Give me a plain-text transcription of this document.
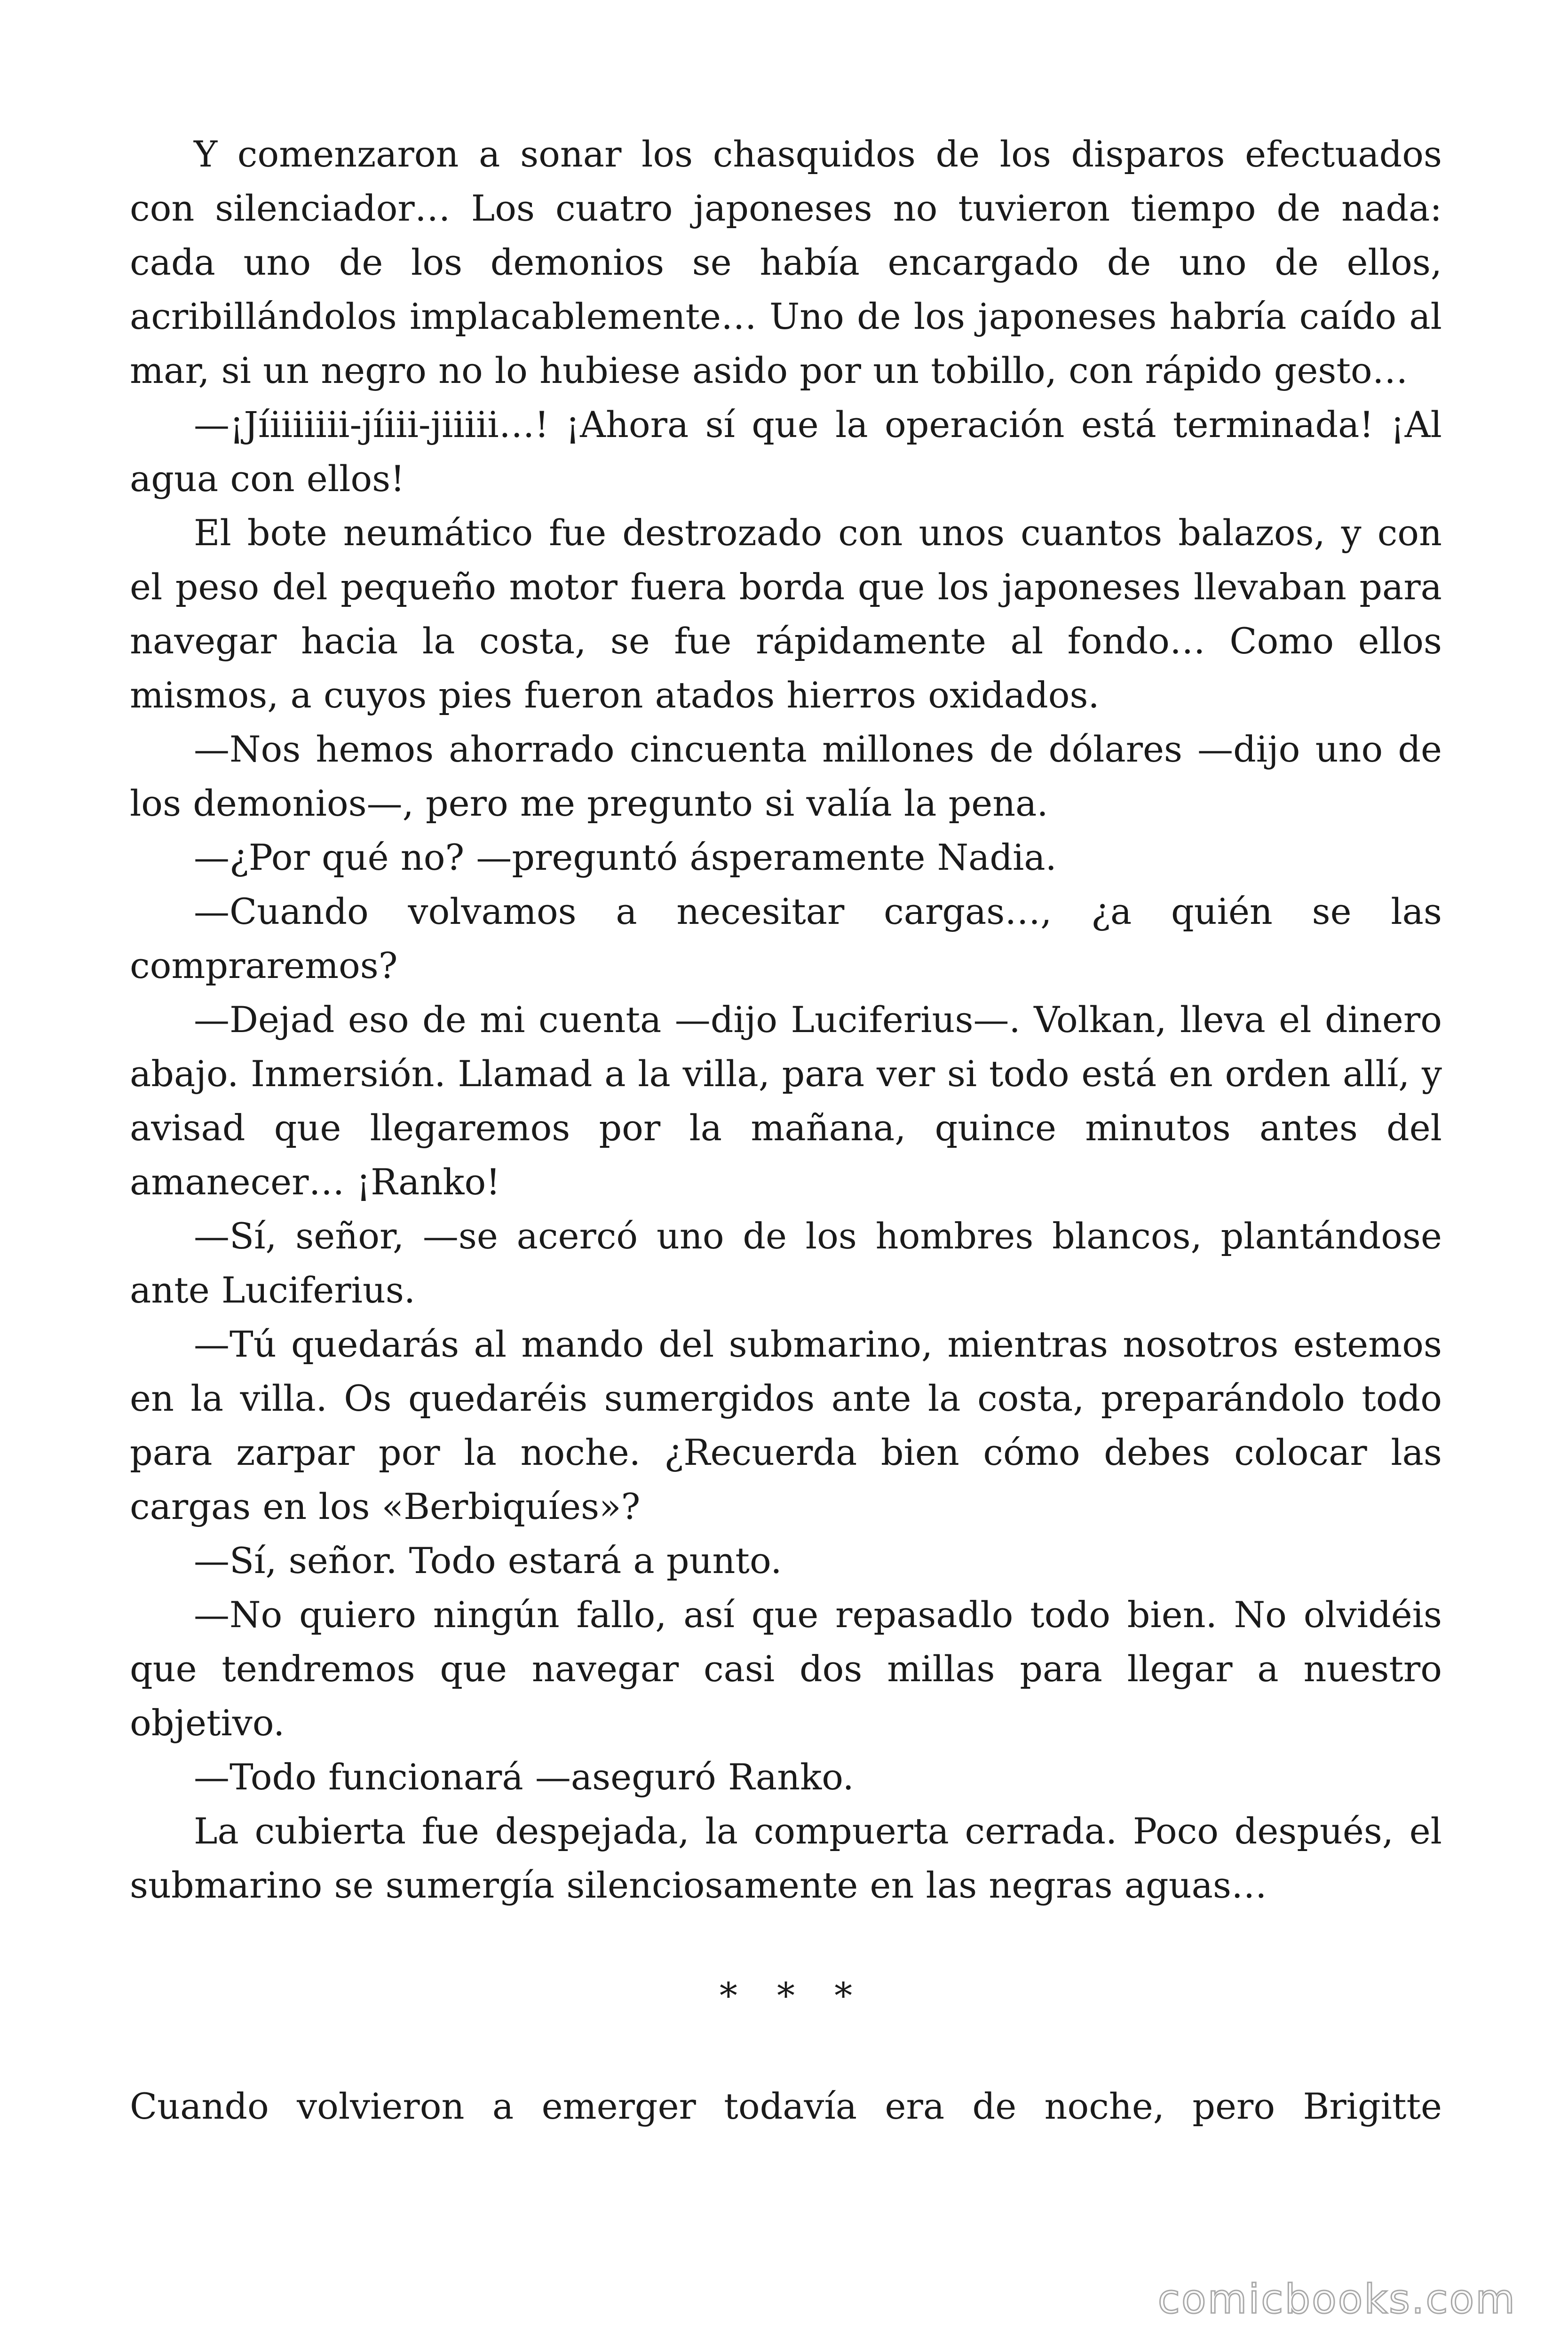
Y comenzaron a sonar los chasquidos de los disparos efectuados con silenciador… Los cuatro japoneses no tuvieron tiempo de nada: cada uno de los demonios se había encargado de uno de ellos, acribillándolos implacablemente… Uno de los japoneses habría caído al mar, si un negro no lo hubiese asido por un tobillo, con rápido gesto…

—¡Jíiiiiiii-jíiii-jiiiii…! ¡Ahora sí que la operación está terminada! ¡Al agua con ellos!

El bote neumático fue destrozado con unos cuantos balazos, y con el peso del pequeño motor fuera borda que los japoneses llevaban para navegar hacia la costa, se fue rápidamente al fondo… Como ellos mismos, a cuyos pies fueron atados hierros oxidados.

—Nos hemos ahorrado cincuenta millones de dólares —dijo uno de los demonios—, pero me pregunto si valía la pena.

—¿Por qué no? —preguntó ásperamente Nadia.

—Cuando volvamos a necesitar cargas…, ¿a quién se las compraremos?

—Dejad eso de mi cuenta —dijo Luciferius—. Volkan, lleva el dinero abajo. Inmersión. Llamad a la villa, para ver si todo está en orden allí, y avisad que llegaremos por la mañana, quince minutos antes del amanecer… ¡Ranko!

—Sí, señor, —se acercó uno de los hombres blancos, plantándose ante Luciferius.

—Tú quedarás al mando del submarino, mientras nosotros estemos en la villa. Os quedaréis sumergidos ante la costa, preparándolo todo para zarpar por la noche. ¿Recuerda bien cómo debes colocar las cargas en los «Berbiquíes»?

—Sí, señor. Todo estará a punto.

—No quiero ningún fallo, así que repasadlo todo bien. No olvidéis que tendremos que navegar casi dos millas para llegar a nuestro objetivo.

—Todo funcionará —aseguró Ranko.

La cubierta fue despejada, la compuerta cerrada. Poco después, el submarino se sumergía silenciosamente en las negras aguas…

* * *

Cuando volvieron a emerger todavía era de noche, pero Brigitte

comicbooks.com
